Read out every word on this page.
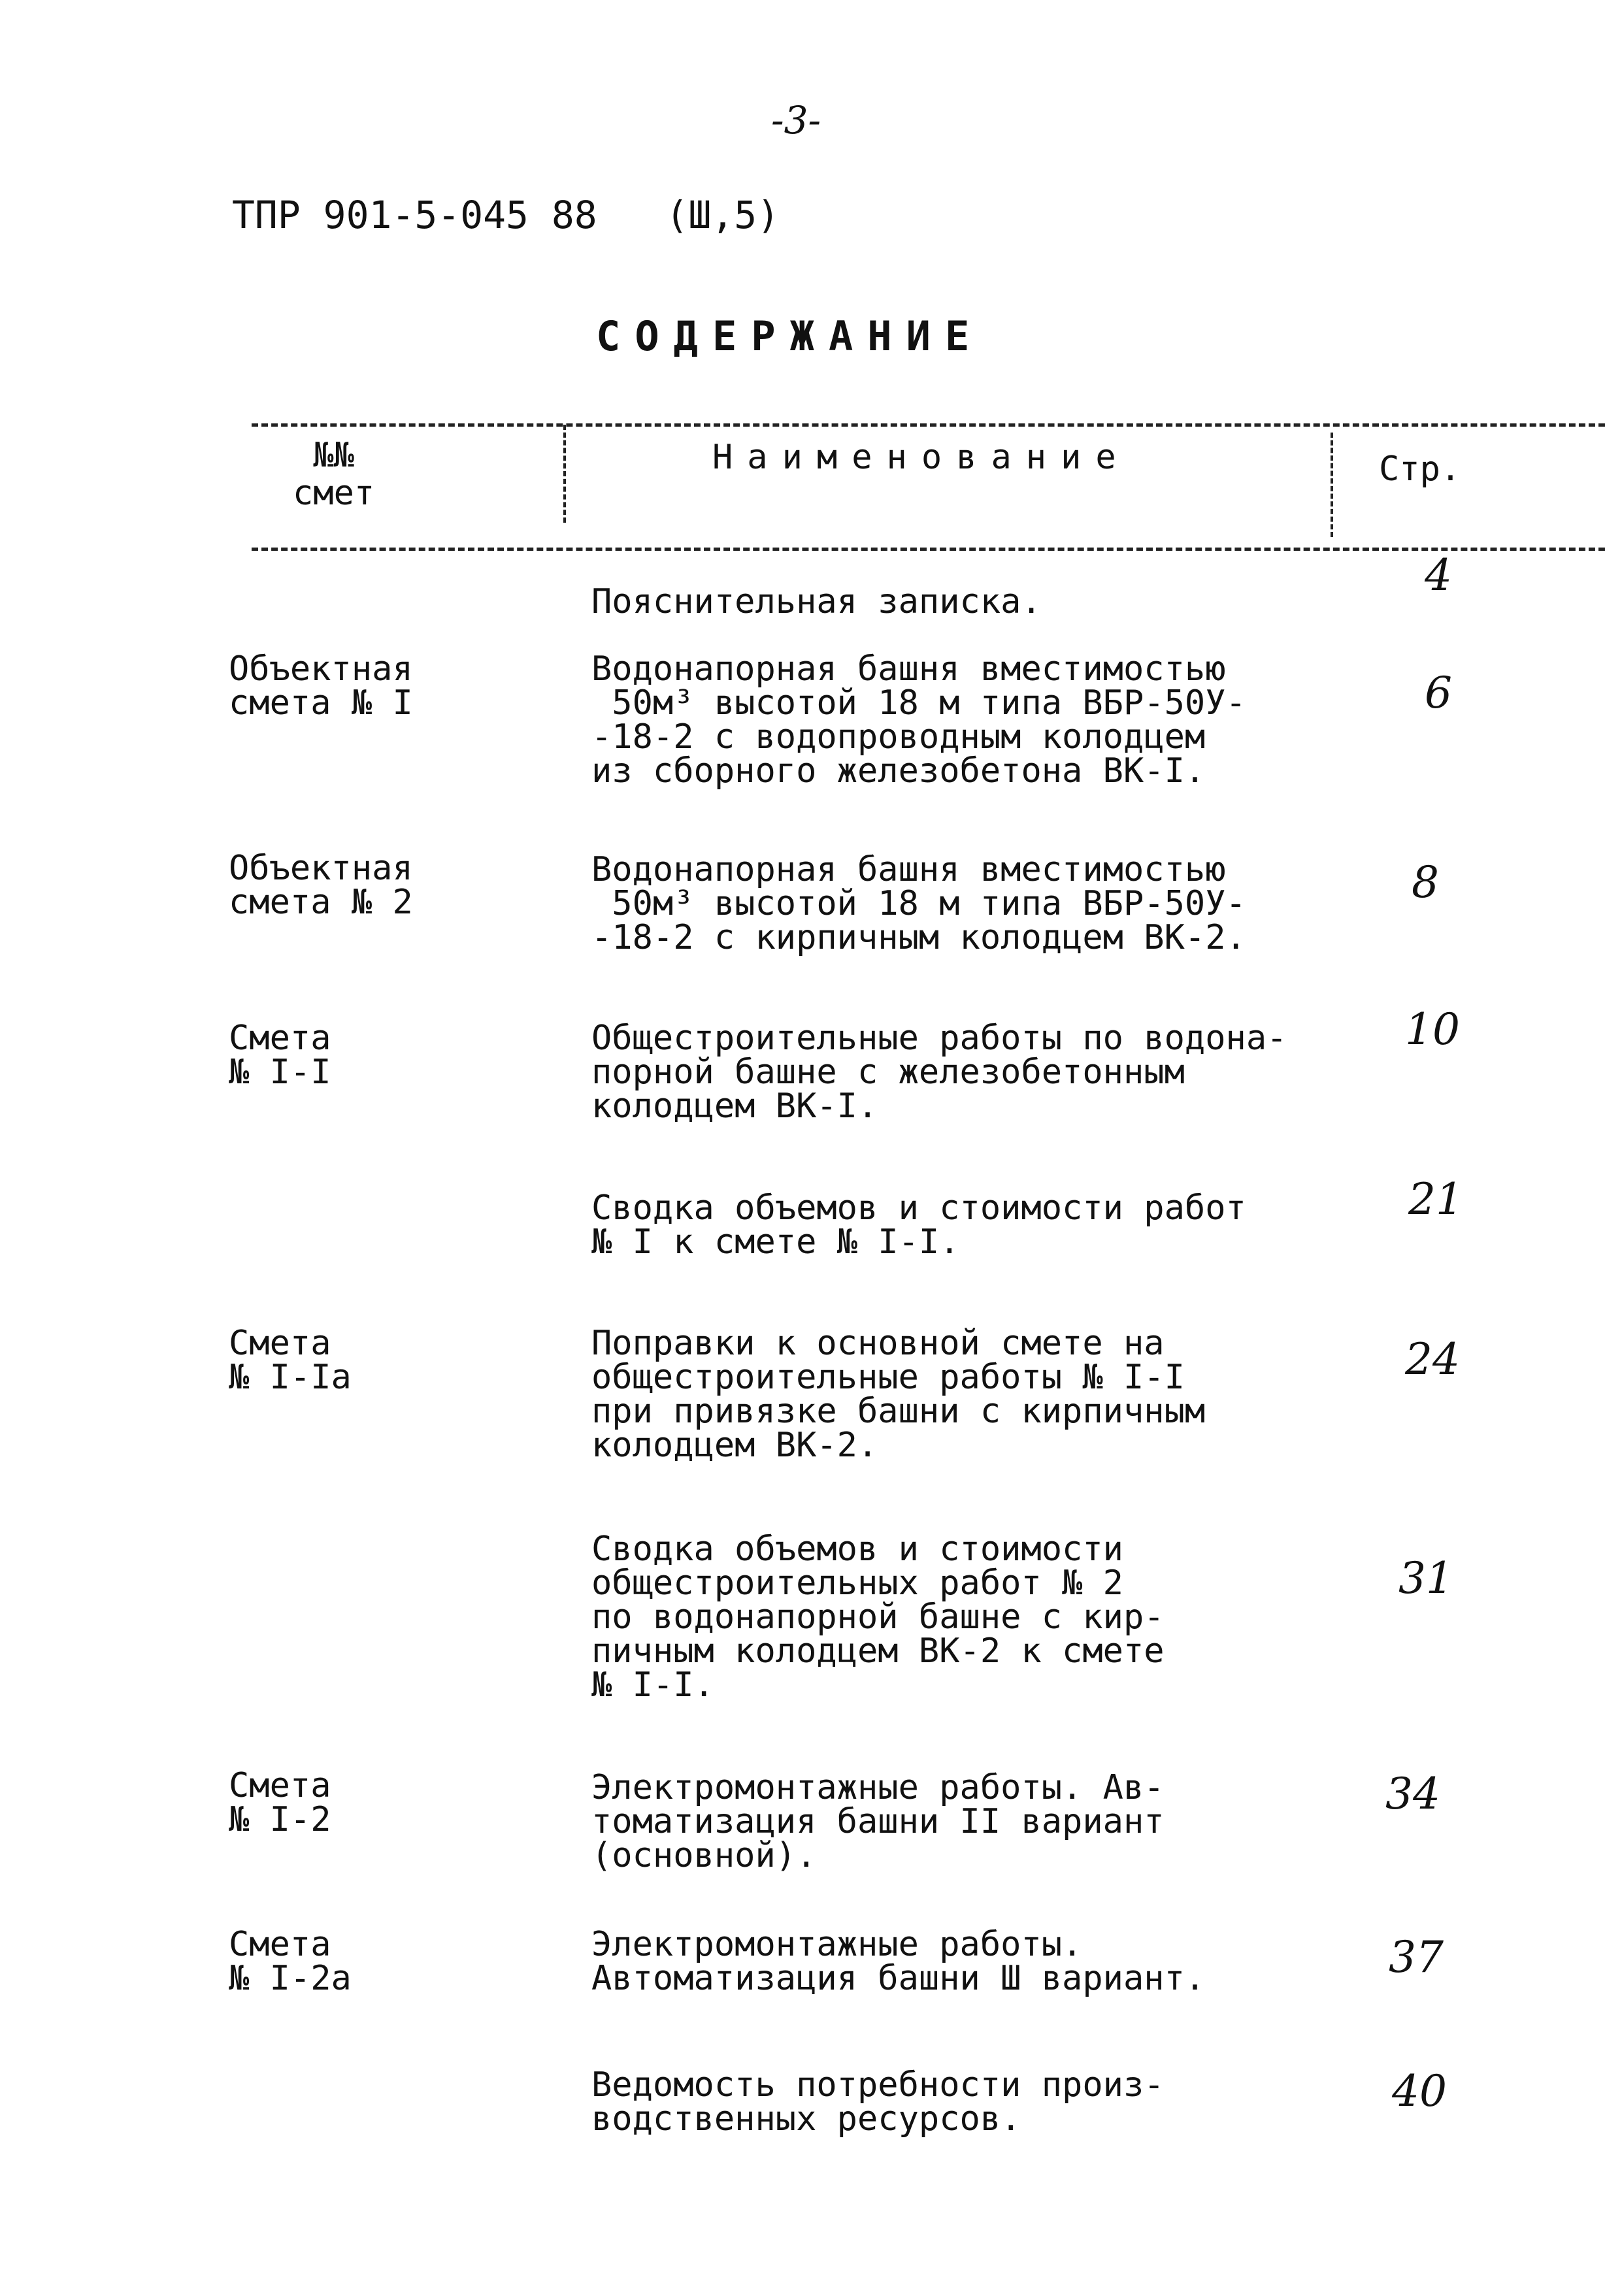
-3-
ТПР 901-5-045 88   (Ш,5)
СОДЕРЖАНИЕ
№№
смет
Наименование	Стр.
Пояснительная записка.
4
Объектная
смета № I
Водонапорная башня вместимостью
50м³ высотой 18 м типа ВБР-50У-
-18-2 с водопроводным колодцем
из сборного железобетона ВК-I.
6
Объектная
смета № 2
Водонапорная башня вместимостью
50м³ высотой 18 м типа ВБР-50У-
-18-2 с кирпичным колодцем ВК-2.
8
Смета
№ I-I
Общестроительные работы по водона-
порной башне с железобетонным
колодцем ВК-I.
10
Сводка объемов и стоимости работ
№ I к смете № I-I.
21
Смета
№ I-Iа
Поправки к основной смете на
общестроительные работы № I-I
при привязке башни с кирпичным
колодцем ВК-2.
24
Сводка объемов и стоимости
общестроительных работ № 2
по водонапорной башне с кир-
пичным колодцем ВК-2 к смете
№ I-I.
31
Смета
№ I-2
Электромонтажные работы. Ав-
томатизация башни II вариант
(основной).
34
Смета
№ I-2а
Электромонтажные работы.
Автоматизация башни Ш вариант.	37
Ведомость потребности произ-
водственных ресурсов.
40
